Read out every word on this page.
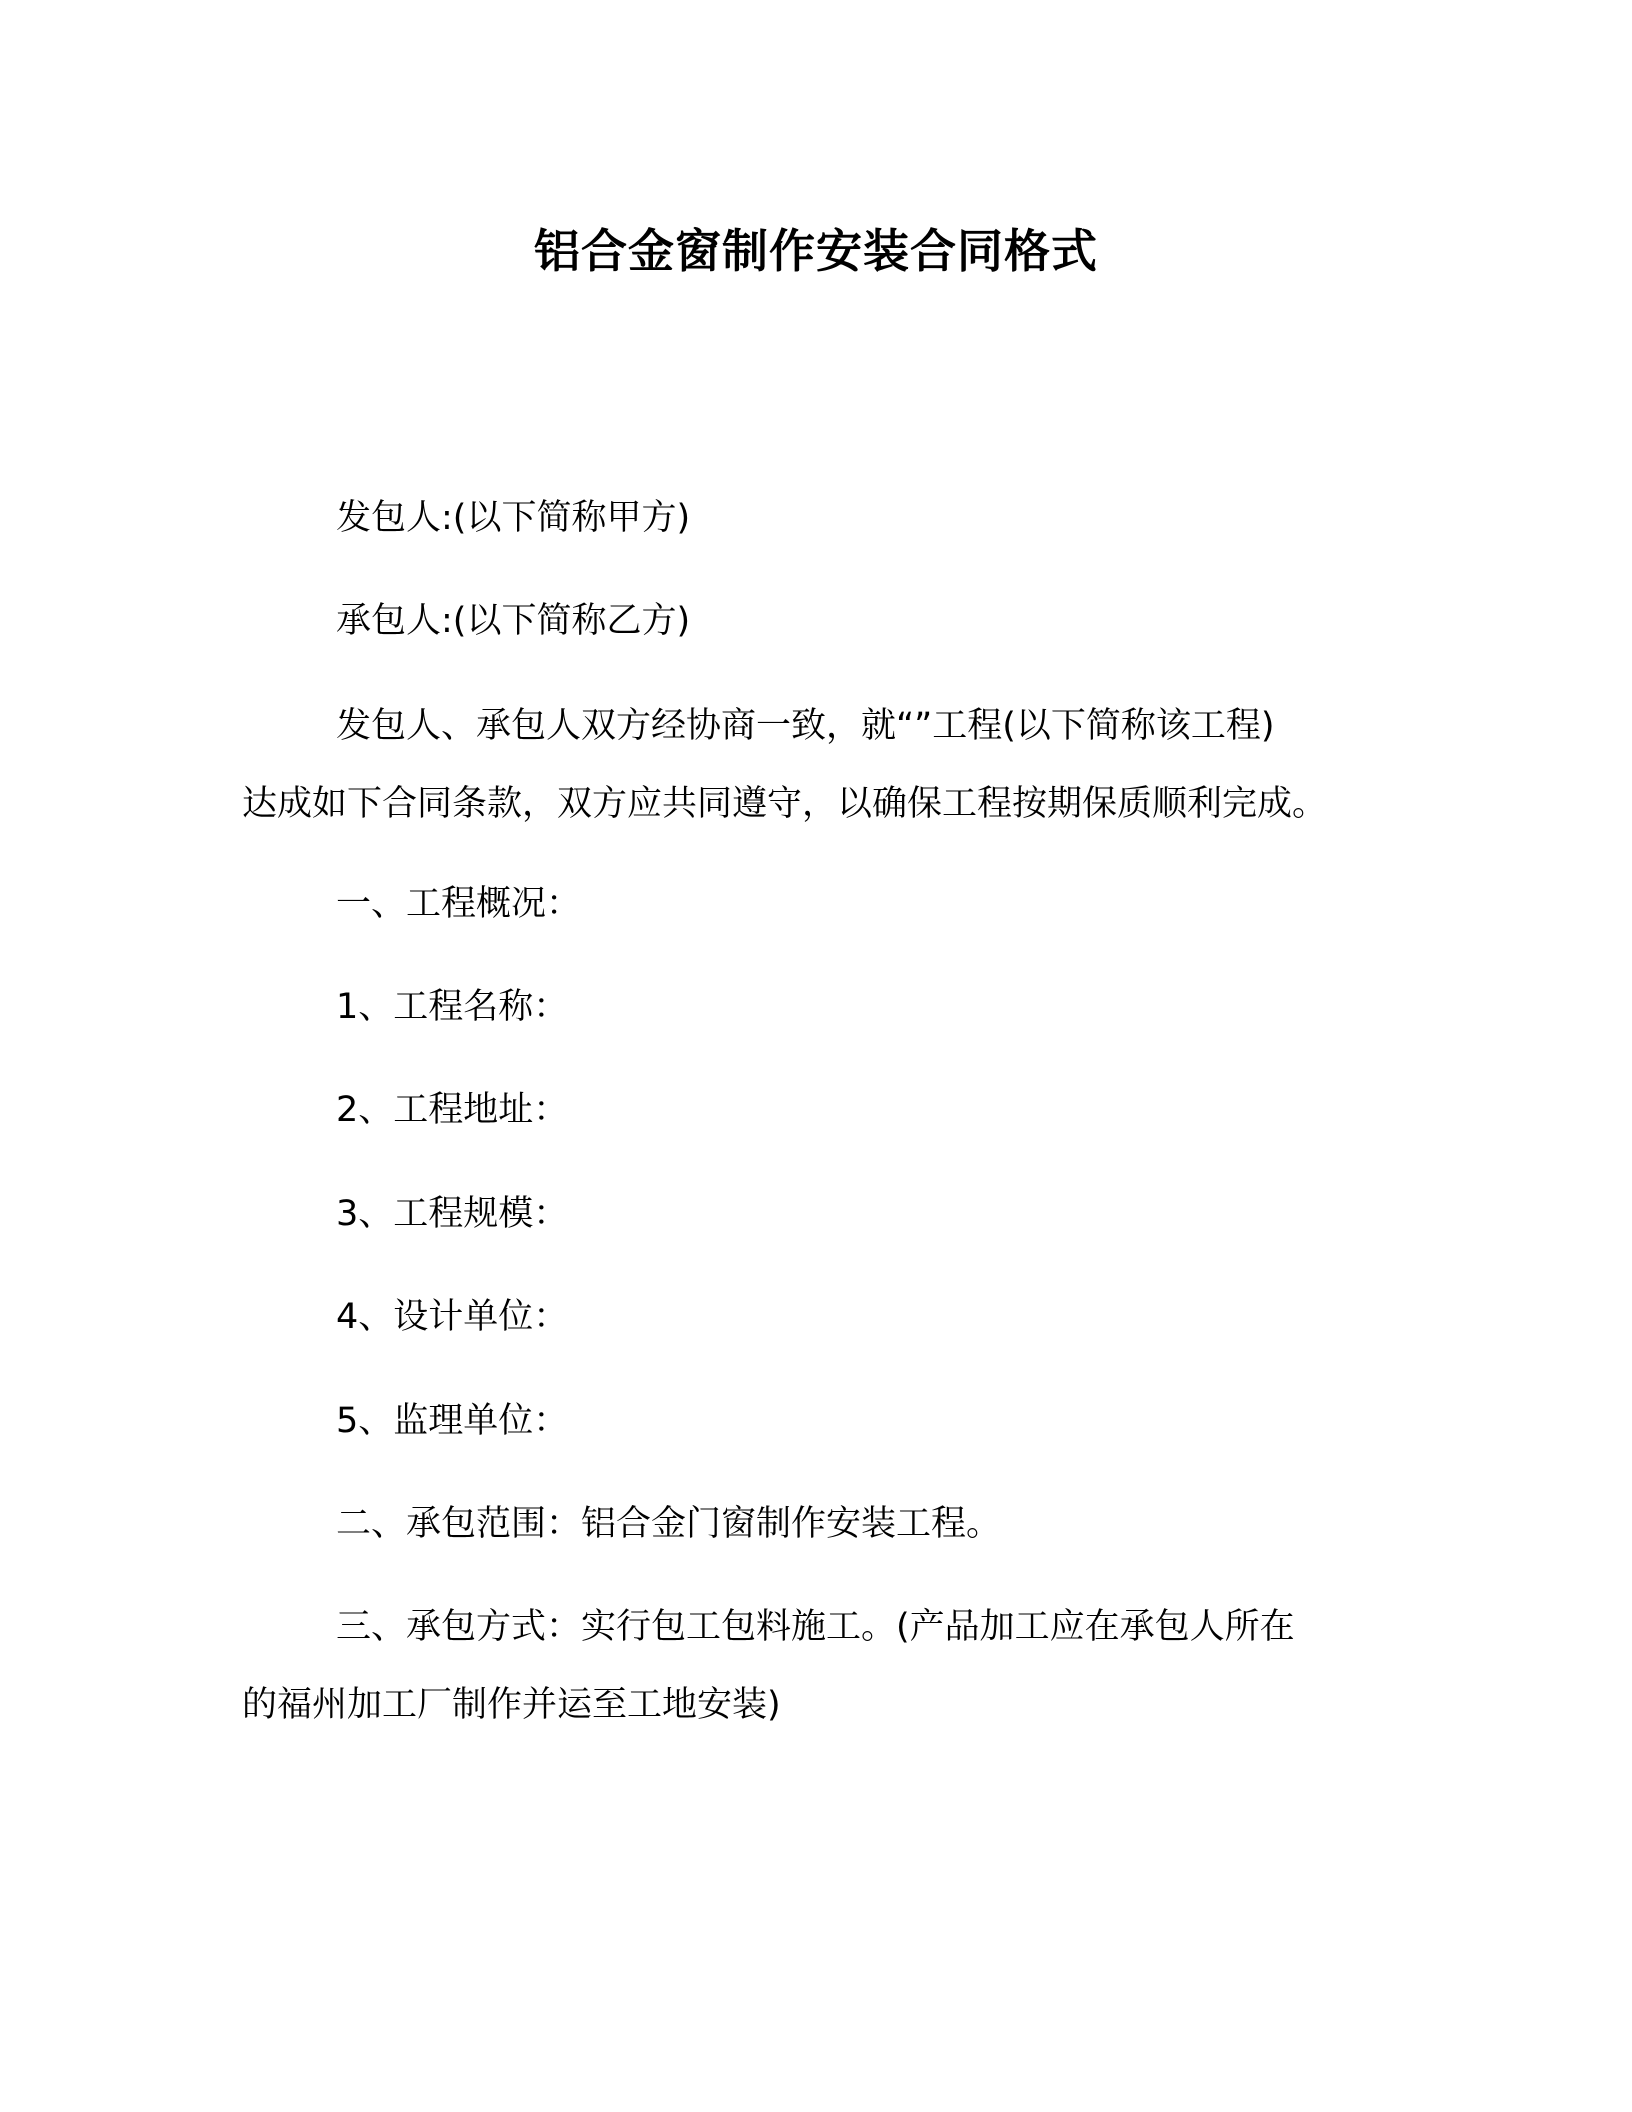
铝合金窗制作安装合同格式
发包人:(以下简称甲方)
承包人:(以下简称乙方)
发包人、承包人双方经协商一致，就“”工程(以下简称该工程)
达成如下合同条款，双方应共同遵守，以确保工程按期保质顺利完成。
一、工程概况：
1、工程名称：
2、工程地址：
3、工程规模：
4、设计单位：
5、监理单位：
二、承包范围：铝合金门窗制作安装工程。
三、承包方式：实行包工包料施工。(产品加工应在承包人所在
的福州加工厂制作并运至工地安装)
